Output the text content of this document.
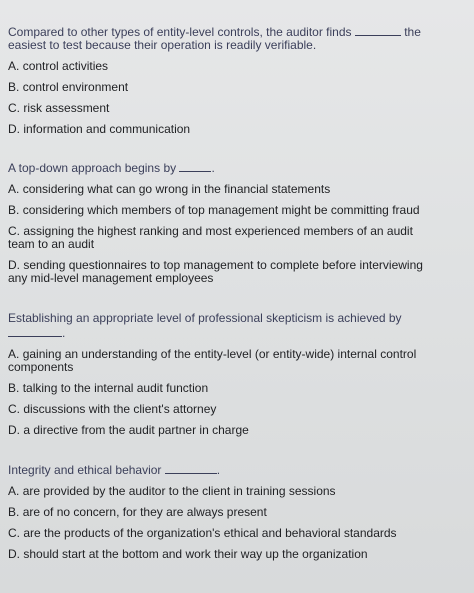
Compared to other types of entity-level controls, the auditor finds	the
easiest to test because their operation is readily verifiable.
A. control activities
B. control environment
C. risk assessment
D. information and communication
A top-down approach begins by	.
A. considering what can go wrong in the financial statements
B. considering which members of top management might be committing fraud
C. assigning the highest ranking and most experienced members of an audit team to an audit
D. sending questionnaires to top management to complete before interviewing any mid-level management employees
Establishing an appropriate level of professional skepticism is achieved by
.
A. gaining an understanding of the entity-level (or entity-wide) internal control components
B. talking to the internal audit function
C. discussions with the client's attorney
D. a directive from the audit partner in charge
Integrity and ethical behavior	.
A. are provided by the auditor to the client in training sessions
B. are of no concern, for they are always present
C. are the products of the organization's ethical and behavioral standards
D. should start at the bottom and work their way up the organization
